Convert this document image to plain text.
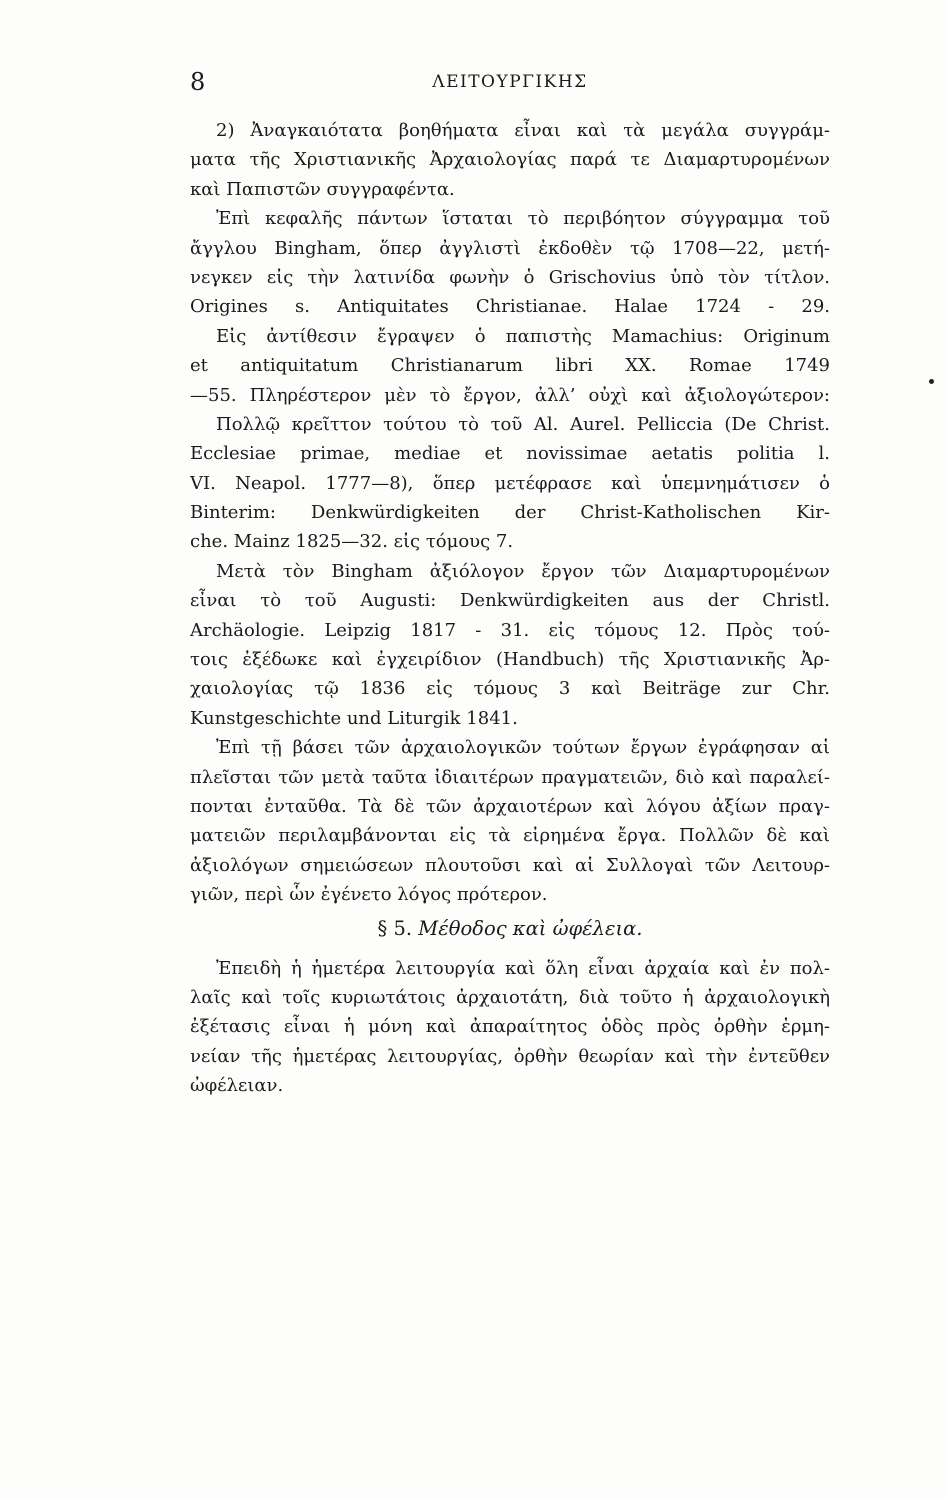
8	ΛΕΙΤΟΥΡΓΙΚΗΣ
2) Ἀναγκαιότατα βοηθήματα εἶναι καὶ τὰ μεγάλα συγγράμ-
ματα τῆς Χριστιανικῆς Ἀρχαιολογίας παρά τε Διαμαρτυρομένων
καὶ Παπιστῶν συγγραφέντα.
Ἐπὶ κεφαλῆς πάντων ἵσταται τὸ περιβόητον σύγγραμμα τοῦ
ἄγγλου Bingham, ὅπερ ἀγγλιστὶ ἐκδοθὲν τῷ 1708—22, μετή-
νεγκεν εἰς τὴν λατινίδα φωνὴν ὁ Grischovius ὑπὸ τὸν τίτλον.
Origines s. Antiquitates Christianae. Halae 1724 - 29.
Εἰς ἀντίθεσιν ἔγραψεν ὁ παπιστὴς Mamachius: Originum
et antiquitatum Christianarum libri XX. Romae 1749
—55. Πληρέστερον μὲν τὸ ἔργον, ἀλλ’ οὐχὶ καὶ ἀξιολογώτερον:
Πολλῷ κρεῖττον τούτου τὸ τοῦ Al. Aurel. Pelliccia (De Christ.
Ecclesiae primae, mediae et novissimae aetatis politia l.
VI. Neapol. 1777—8), ὅπερ μετέφρασε καὶ ὑπεμνημάτισεν ὁ
Binterim: Denkwürdigkeiten der Christ-Katholischen Kir-
che. Mainz 1825—32. εἰς τόμους 7.
Μετὰ τὸν Bingham ἀξιόλογον ἔργον τῶν Διαμαρτυρομένων
εἶναι τὸ τοῦ Augusti: Denkwürdigkeiten aus der Christl.
Archäologie. Leipzig 1817 - 31. εἰς τόμους 12. Πρὸς τού-
τοις ἐξέδωκε καὶ ἐγχειρίδιον (Handbuch) τῆς Χριστιανικῆς Ἀρ-
χαιολογίας τῷ 1836 εἰς τόμους 3 καὶ Beiträge zur Chr.
Kunstgeschichte und Liturgik 1841.
Ἐπὶ τῇ βάσει τῶν ἀρχαιολογικῶν τούτων ἔργων ἐγράφησαν αἱ
πλεῖσται τῶν μετὰ ταῦτα ἰδιαιτέρων πραγματειῶν, διὸ καὶ παραλεί-
πονται ἐνταῦθα. Τὰ δὲ τῶν ἀρχαιοτέρων καὶ λόγου ἀξίων πραγ-
ματειῶν περιλαμβάνονται εἰς τὰ εἰρημένα ἔργα. Πολλῶν δὲ καὶ
ἀξιολόγων σημειώσεων πλουτοῦσι καὶ αἱ Συλλογαὶ τῶν Λειτουρ-
γιῶν, περὶ ὧν ἐγένετο λόγος πρότερον.
§ 5. Μέθοδος καὶ ὠφέλεια.
Ἐπειδὴ ἡ ἡμετέρα λειτουργία καὶ ὅλη εἶναι ἀρχαία καὶ ἐν πολ-
λαῖς καὶ τοῖς κυριωτάτοις ἀρχαιοτάτη, διὰ τοῦτο ἡ ἀρχαιολογικὴ
ἐξέτασις εἶναι ἡ μόνη καὶ ἀπαραίτητος ὁδὸς πρὸς ὀρθὴν ἑρμη-
νείαν τῆς ἡμετέρας λειτουργίας, ὀρθὴν θεωρίαν καὶ τὴν ἐντεῦθεν
ὠφέλειαν.
